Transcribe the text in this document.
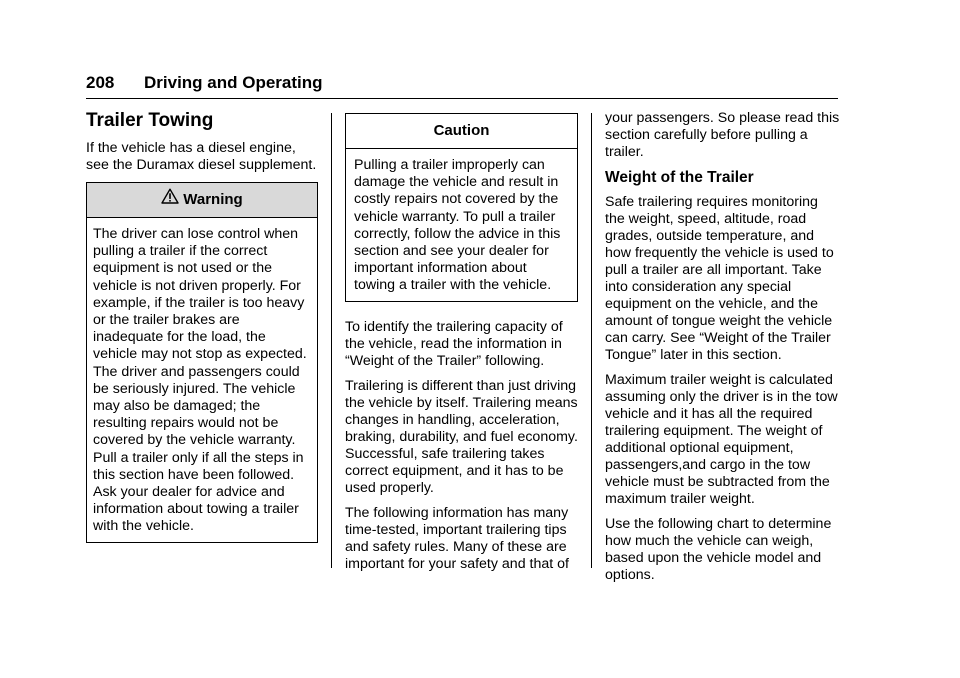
208 Driving and Operating
Trailer Towing

If the vehicle has a diesel engine, see the Duramax diesel supplement.

Warning
The driver can lose control when pulling a trailer if the correct equipment is not used or the vehicle is not driven properly. For example, if the trailer is too heavy or the trailer brakes are inadequate for the load, the vehicle may not stop as expected. The driver and passengers could be seriously injured. The vehicle may also be damaged; the resulting repairs would not be covered by the vehicle warranty. Pull a trailer only if all the steps in this section have been followed. Ask your dealer for advice and information about towing a trailer with the vehicle.
Caution
Pulling a trailer improperly can damage the vehicle and result in costly repairs not covered by the vehicle warranty. To pull a trailer correctly, follow the advice in this section and see your dealer for important information about towing a trailer with the vehicle.

To identify the trailering capacity of the vehicle, read the information in “Weight of the Trailer” following.

Trailering is different than just driving the vehicle by itself. Trailering means changes in handling, acceleration, braking, durability, and fuel economy. Successful, safe trailering takes correct equipment, and it has to be used properly.

The following information has many time-tested, important trailering tips and safety rules. Many of these are important for your safety and that of

your passengers. So please read this section carefully before pulling a trailer.

Weight of the Trailer

Safe trailering requires monitoring the weight, speed, altitude, road grades, outside temperature, and how frequently the vehicle is used to pull a trailer are all important. Take into consideration any special equipment on the vehicle, and the amount of tongue weight the vehicle can carry. See “Weight of the Trailer Tongue” later in this section.

Maximum trailer weight is calculated assuming only the driver is in the tow vehicle and it has all the required trailering equipment. The weight of additional optional equipment, passengers,and cargo in the tow vehicle must be subtracted from the maximum trailer weight.

Use the following chart to determine how much the vehicle can weigh, based upon the vehicle model and options.
